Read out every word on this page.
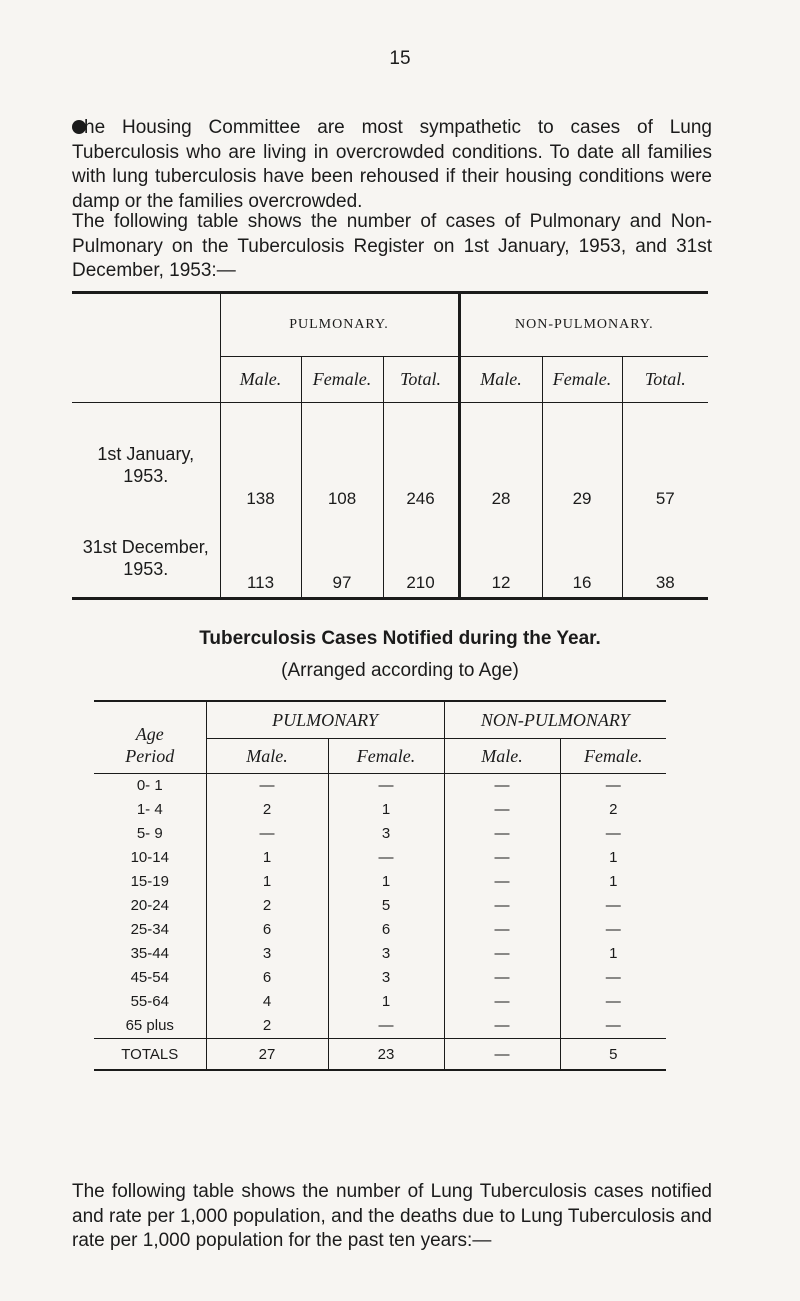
15

he Housing Committee are most sympathetic to cases of Lung Tuberculosis who are living in overcrowded conditions. To date all families with lung tuberculosis have been rehoused if their housing conditions were damp or the families overcrowded.

The following table shows the number of cases of Pulmonary and Non-Pulmonary on the Tuberculosis Register on 1st January, 1953, and 31st December, 1953:—

	PULMONARY.			NON-PULMONARY.		
	Male.	Female.	Total.	Male.	Female.	Total.
1st January,
1953.	138	108	246	28	29	57
31st December,
1953.	113	97	210	12	16	38
Tuberculosis Cases Notified during the Year.
(Arranged according to Age)
Age
Period	PULMONARY		NON-PULMONARY	
	Male.	Female.	Male.	Female.
0- 1	—	—	—	—
1- 4	2	1	—	2
5- 9	—	3	—	—
10-14	1	—	—	1
15-19	1	1	—	1
20-24	2	5	—	—
25-34	6	6	—	—
35-44	3	3	—	1
45-54	6	3	—	—
55-64	4	1	—	—
65 plus	2	—	—	—
TOTALS	27	23	—	5

The following table shows the number of Lung Tuberculosis cases notified and rate per 1,000 population, and the deaths due to Lung Tuberculosis and rate per 1,000 population for the past ten years:—
